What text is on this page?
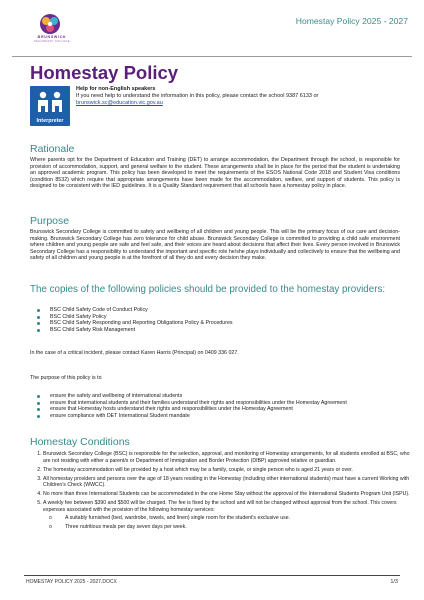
BRUNSWICK
SECONDARY COLLEGE
Homestay Policy 2025 - 2027
Homestay Policy
Interpreter
Help for non-English speakers
If you need help to understand the information in this policy, please contact the school 9387 6133 or
brunswick.sc@education.vic.gov.au
Rationale
Where parents opt for the Department of Education and Training (DET) to arrange accommodation, the Department through the school, is responsible for provision of accommodation, support, and general welfare to the student. These arrangements shall be in place for the period that the student is undertaking an approved academic program. This policy has been developed to meet the requirements of the ESOS National Code 2018 and Student Visa conditions (condition 8532) which require that appropriate arrangements have been made for the accommodation, welfare, and support of students. This policy is designed to be consistent with the IED guidelines. It is a Quality Standard requirement that all schools have a homestay policy in place.
Purpose
Brunswick Secondary College is committed to safety and wellbeing of all children and young people. This will be the primary focus of our care and decision-making. Brunswick Secondary College has zero tolerance for child abuse. Brunswick Secondary College is committed to providing a child safe environment where children and young people are safe and feel safe, and their voices are heard about decisions that affect their lives. Every person involved in Brunswick Secondary College has a responsibility to understand the important and specific role he/she plays individually and collectively to ensure that the wellbeing and safety of all children and young people is at the forefront of all they do and every decision they make.
The copies of the following policies should be provided to the homestay providers:
BSC Child Safety Code of Conduct Policy
BSC Child Safety Policy
BSC Child Safety Responding and Reporting Obligations Policy & Procedures
BSC Child Safety Risk Management
In the case of a critical incident, please contact Karen Harris (Principal) on 0409 336 027.
The purpose of this policy is to
ensure the safety and wellbeing of international students
ensure that international students and their families understand their rights and responsibilities under the Homestay Agreement
ensure that Homestay hosts understand their rights and responsibilities under the Homestay Agreement
ensure compliance with DET International Student mandate
Homestay Conditions
1. Brunswick Secondary College (BSC) is responsible for the selection, approval, and monitoring of Homestay arrangements, for all students enrolled at BSC, who are not residing with either a parent/s or Department of Immigration and Border Protection (DIBP) approved relative or guardian.
2. The homestay accommodation will be provided by a host which may be a family, couple, or single person who is aged 21 years or over.
3. All homestay providers and persons over the age of 18 years residing in the Homestay (including other international students) must have a current Working with Children's Check (WWCC).
4. No more than three International Students can be accommodated in the one Home Stay without the approval of the International Students Program Unit (ISPU).
5. A weekly fee between $390 and $500 will be charged. The fee is fixed by the school and will not be changed without approval from the school. This covers expenses associated with the provision of the following homestay services:
o A suitably furnished (bed, wardrobe, towels, and linen) single room for the student's exclusive use.
o Three nutritious meals per day seven days per week.
HOMESTAY POLICY 2025 - 2027.DOCX	1/3
